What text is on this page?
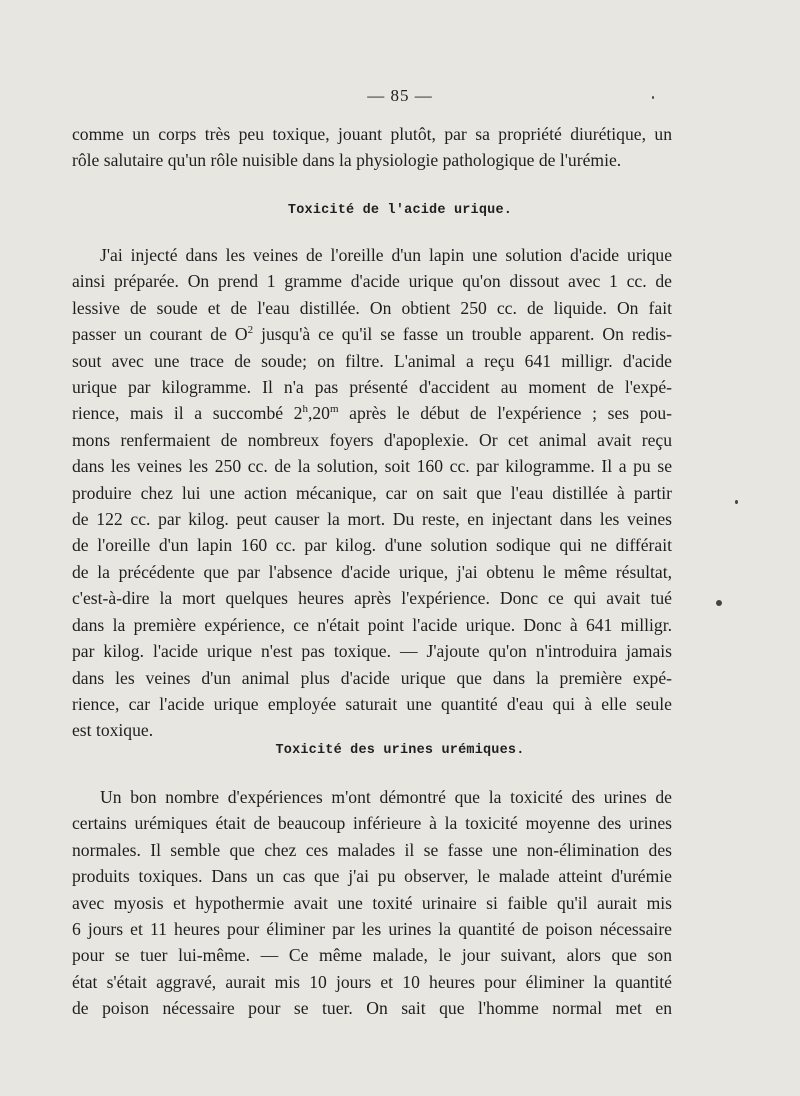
— 85 —

comme un corps très peu toxique, jouant plutôt, par sa propriété diurétique, un
rôle salutaire qu'un rôle nuisible dans la physiologie pathologique de l'urémie.

Toxicité de l'acide urique.

J'ai injecté dans les veines de l'oreille d'un lapin une solution d'acide urique
ainsi préparée. On prend 1 gramme d'acide urique qu'on dissout avec 1 cc. de
lessive de soude et de l'eau distillée. On obtient 250 cc. de liquide. On fait
passer un courant de $O^2$ jusqu'à ce qu'il se fasse un trouble apparent. On redis-
sout avec une trace de soude; on filtre. L'animal a reçu 641 milligr. d'acide
urique par kilogramme. Il n'a pas présenté d'accident au moment de l'expé-
rience, mais il a succombé 2$^h$,20$^m$ après le début de l'expérience ; ses pou-
mons renfermaient de nombreux foyers d'apoplexie. Or cet animal avait reçu
dans les veines les 250 cc. de la solution, soit 160 cc. par kilogramme. Il a pu se
produire chez lui une action mécanique, car on sait que l'eau distillée à partir
de 122 cc. par kilog. peut causer la mort. Du reste, en injectant dans les veines
de l'oreille d'un lapin 160 cc. par kilog. d'une solution sodique qui ne différait
de la précédente que par l'absence d'acide urique, j'ai obtenu le même résultat,
c'est-à-dire la mort quelques heures après l'expérience. Donc ce qui avait tué
dans la première expérience, ce n'était point l'acide urique. Donc à 641 milligr.
par kilog. l'acide urique n'est pas toxique. — J'ajoute qu'on n'introduira jamais
dans les veines d'un animal plus d'acide urique que dans la première expé-
rience, car l'acide urique employée saturait une quantité d'eau qui à elle seule
est toxique.

Toxicité des urines urémiques.

Un bon nombre d'expériences m'ont démontré que la toxicité des urines de
certains urémiques était de beaucoup inférieure à la toxicité moyenne des urines
normales. Il semble que chez ces malades il se fasse une non-élimination des
produits toxiques. Dans un cas que j'ai pu observer, le malade atteint d'urémie
avec myosis et hypothermie avait une toxité urinaire si faible qu'il aurait mis
6 jours et 11 heures pour éliminer par les urines la quantité de poison nécessaire
pour se tuer lui-même. — Ce même malade, le jour suivant, alors que son
état s'était aggravé, aurait mis 10 jours et 10 heures pour éliminer la quantité
de poison nécessaire pour se tuer. On sait que l'homme normal met en
